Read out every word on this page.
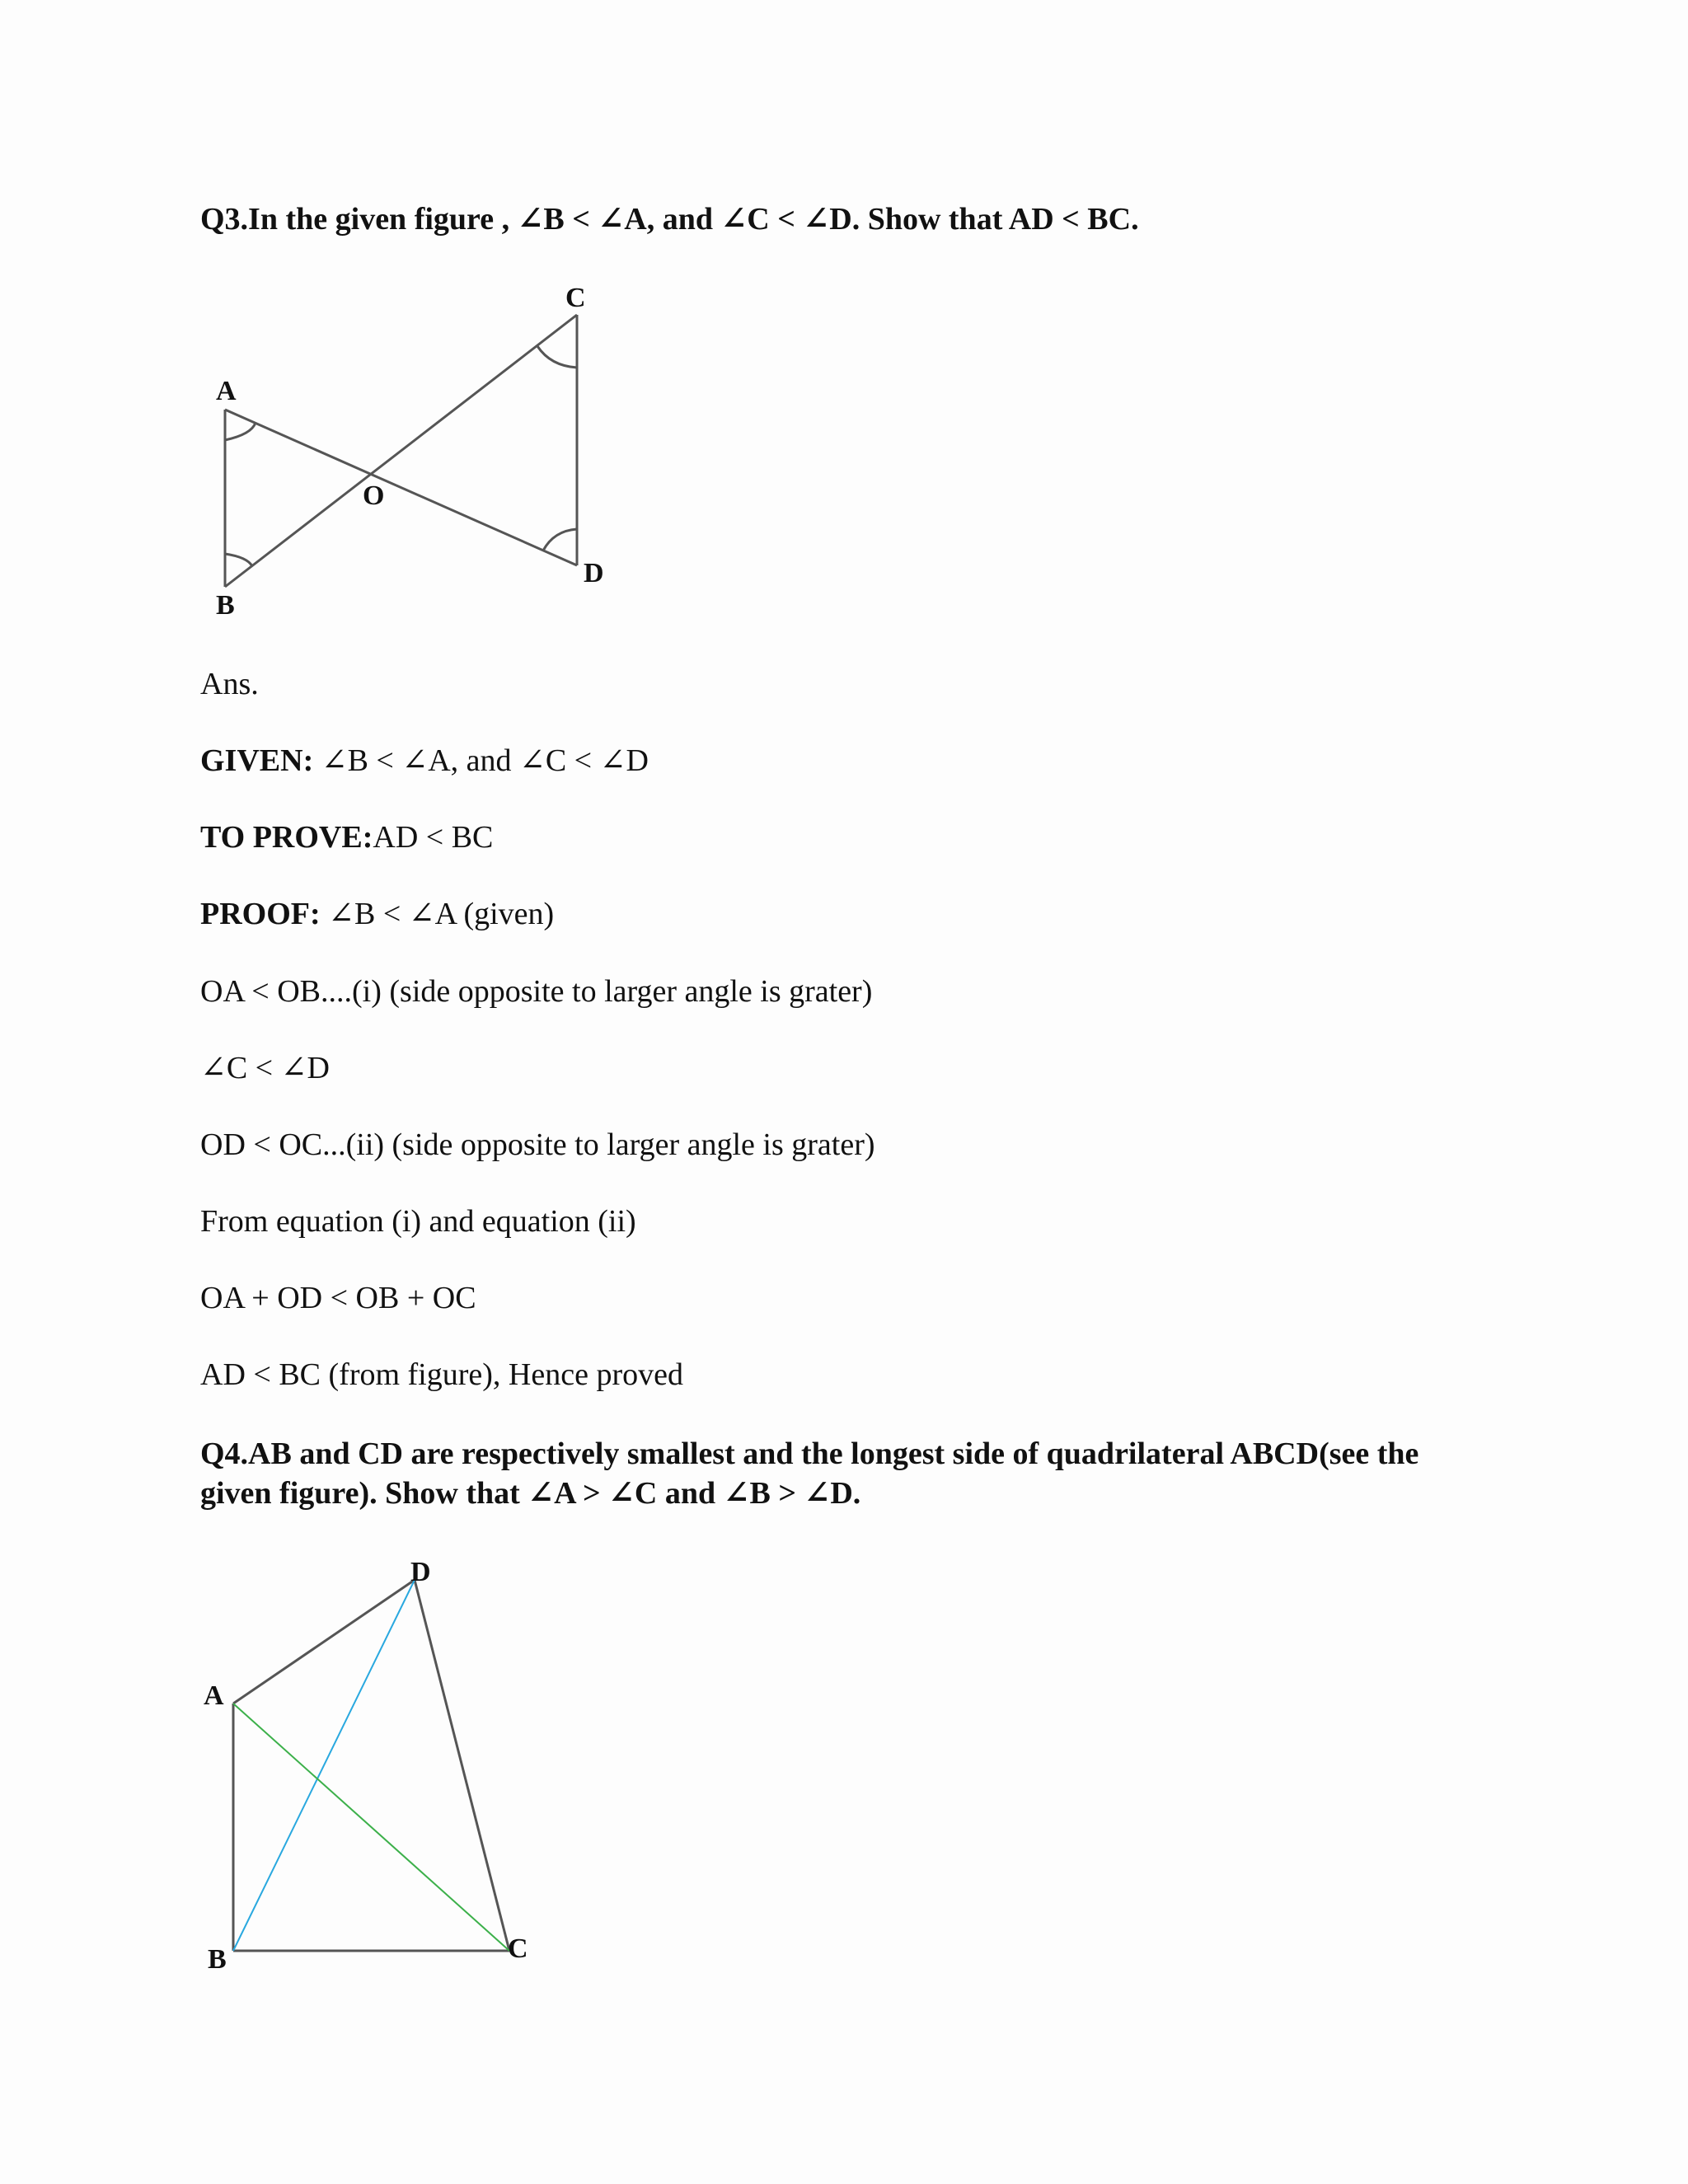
Q3.In the given figure , ∠B < ∠A, and ∠C < ∠D. Show that AD < BC.

A
B
C
D
O

Ans.

GIVEN: ∠B < ∠A, and ∠C < ∠D

TO PROVE:AD < BC

PROOF: ∠B < ∠A (given)

OA < OB....(i) (side opposite to larger angle is grater)

∠C < ∠D

OD < OC...(ii) (side opposite to larger angle is grater)

From equation (i) and equation (ii)

OA + OD < OB + OC

AD < BC (from figure), Hence proved

Q4.AB and CD are respectively smallest and the longest side of quadrilateral ABCD(see the

given figure). Show that ∠A > ∠C and ∠B > ∠D.

A
B	C
D
